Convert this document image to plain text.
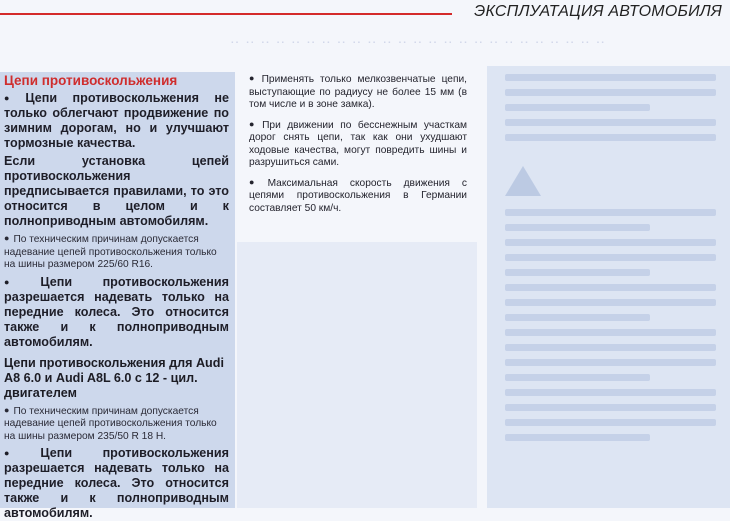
ЭКСПЛУАТАЦИЯ АВТОМОБИЛЯ
‥ ‥ ‥ ‥ ‥ ‥ ‥ ‥ ‥ ‥ ‥ ‥ ‥ ‥ ‥ ‥ ‥ ‥ ‥ ‥ ‥ ‥ ‥ ‥ ‥
Цепи противоскольжения
● Цепи противоскольжения не только облегчают продвижение по зимним дорогам, но и улучшают тормозные качества.
Если установка цепей противоскольжения предписывается правилами, то это относится в целом и к полноприводным автомобилям.
● По техническим причинам допускается надевание цепей противоскольжения только на шины размером 225/60 R16.
● Цепи противоскольжения разрешается надевать только на передние колеса. Это относится также и к полноприводным автомобилям.
Цепи противоскольжения для Audi A8 6.0 и Audi A8L 6.0 с 12 - цил. двигателем
● По техническим причинам допускается надевание цепей противоскольжения только на шины размером 235/50 R 18 H.
● Цепи противоскольжения разрешается надевать только на передние колеса. Это относится также и к полноприводным автомобилям.
● Применять только мелкозвенчатые цепи, выступающие по радиусу не более 15 мм (в том числе и в зоне замка).
● При движении по бесснежным участкам дорог снять цепи, так как они ухудшают ходовые качества, могут повредить шины и разрушиться сами.
● Максимальная скорость движения с цепями противоскольжения в Германии составляет 50 км/ч.
